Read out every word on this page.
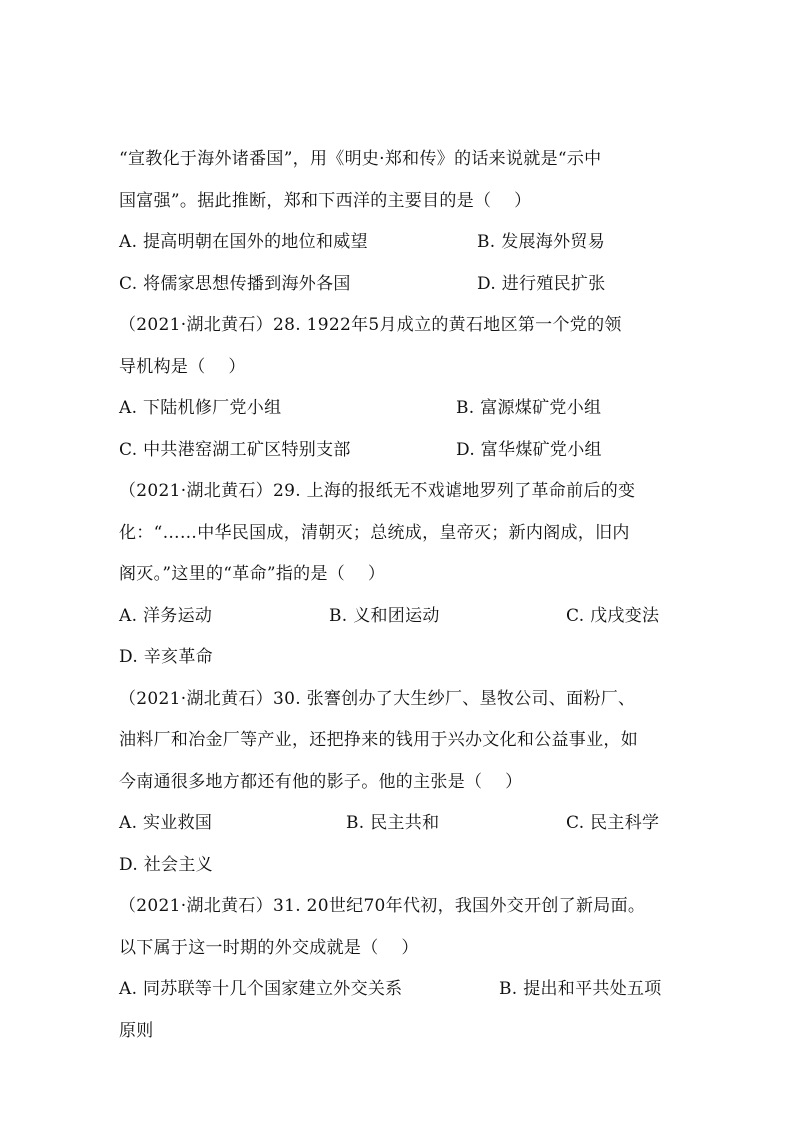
“宣教化于海外诸番国”，用《明史·郑和传》的话来说就是“示中
国富强”。据此推断，郑和下西洋的主要目的是（    ）
A. 提高明朝在国外的地位和威望	B. 发展海外贸易
C. 将儒家思想传播到海外各国	D. 进行殖民扩张
（2021·湖北黄石）28. 1922年5月成立的黄石地区第一个党的领
导机构是（    ）
A. 下陆机修厂党小组	B. 富源煤矿党小组
C. 中共港窑湖工矿区特别支部	D. 富华煤矿党小组
（2021·湖北黄石）29. 上海的报纸无不戏谑地罗列了革命前后的变
化：“……中华民国成，清朝灭；总统成，皇帝灭；新内阁成，旧内
阁灭。”这里的“革命”指的是（    ）
A. 洋务运动	B. 义和团运动	C. 戊戌变法
D. 辛亥革命
（2021·湖北黄石）30. 张謇创办了大生纱厂、垦牧公司、面粉厂、
油料厂和冶金厂等产业，还把挣来的钱用于兴办文化和公益事业，如
今南通很多地方都还有他的影子。他的主张是（    ）
A. 实业救国	B. 民主共和	C. 民主科学
D. 社会主义
（2021·湖北黄石）31. 20世纪70年代初，我国外交开创了新局面。
以下属于这一时期的外交成就是（    ）
A. 同苏联等十几个国家建立外交关系	B. 提出和平共处五项
原则
